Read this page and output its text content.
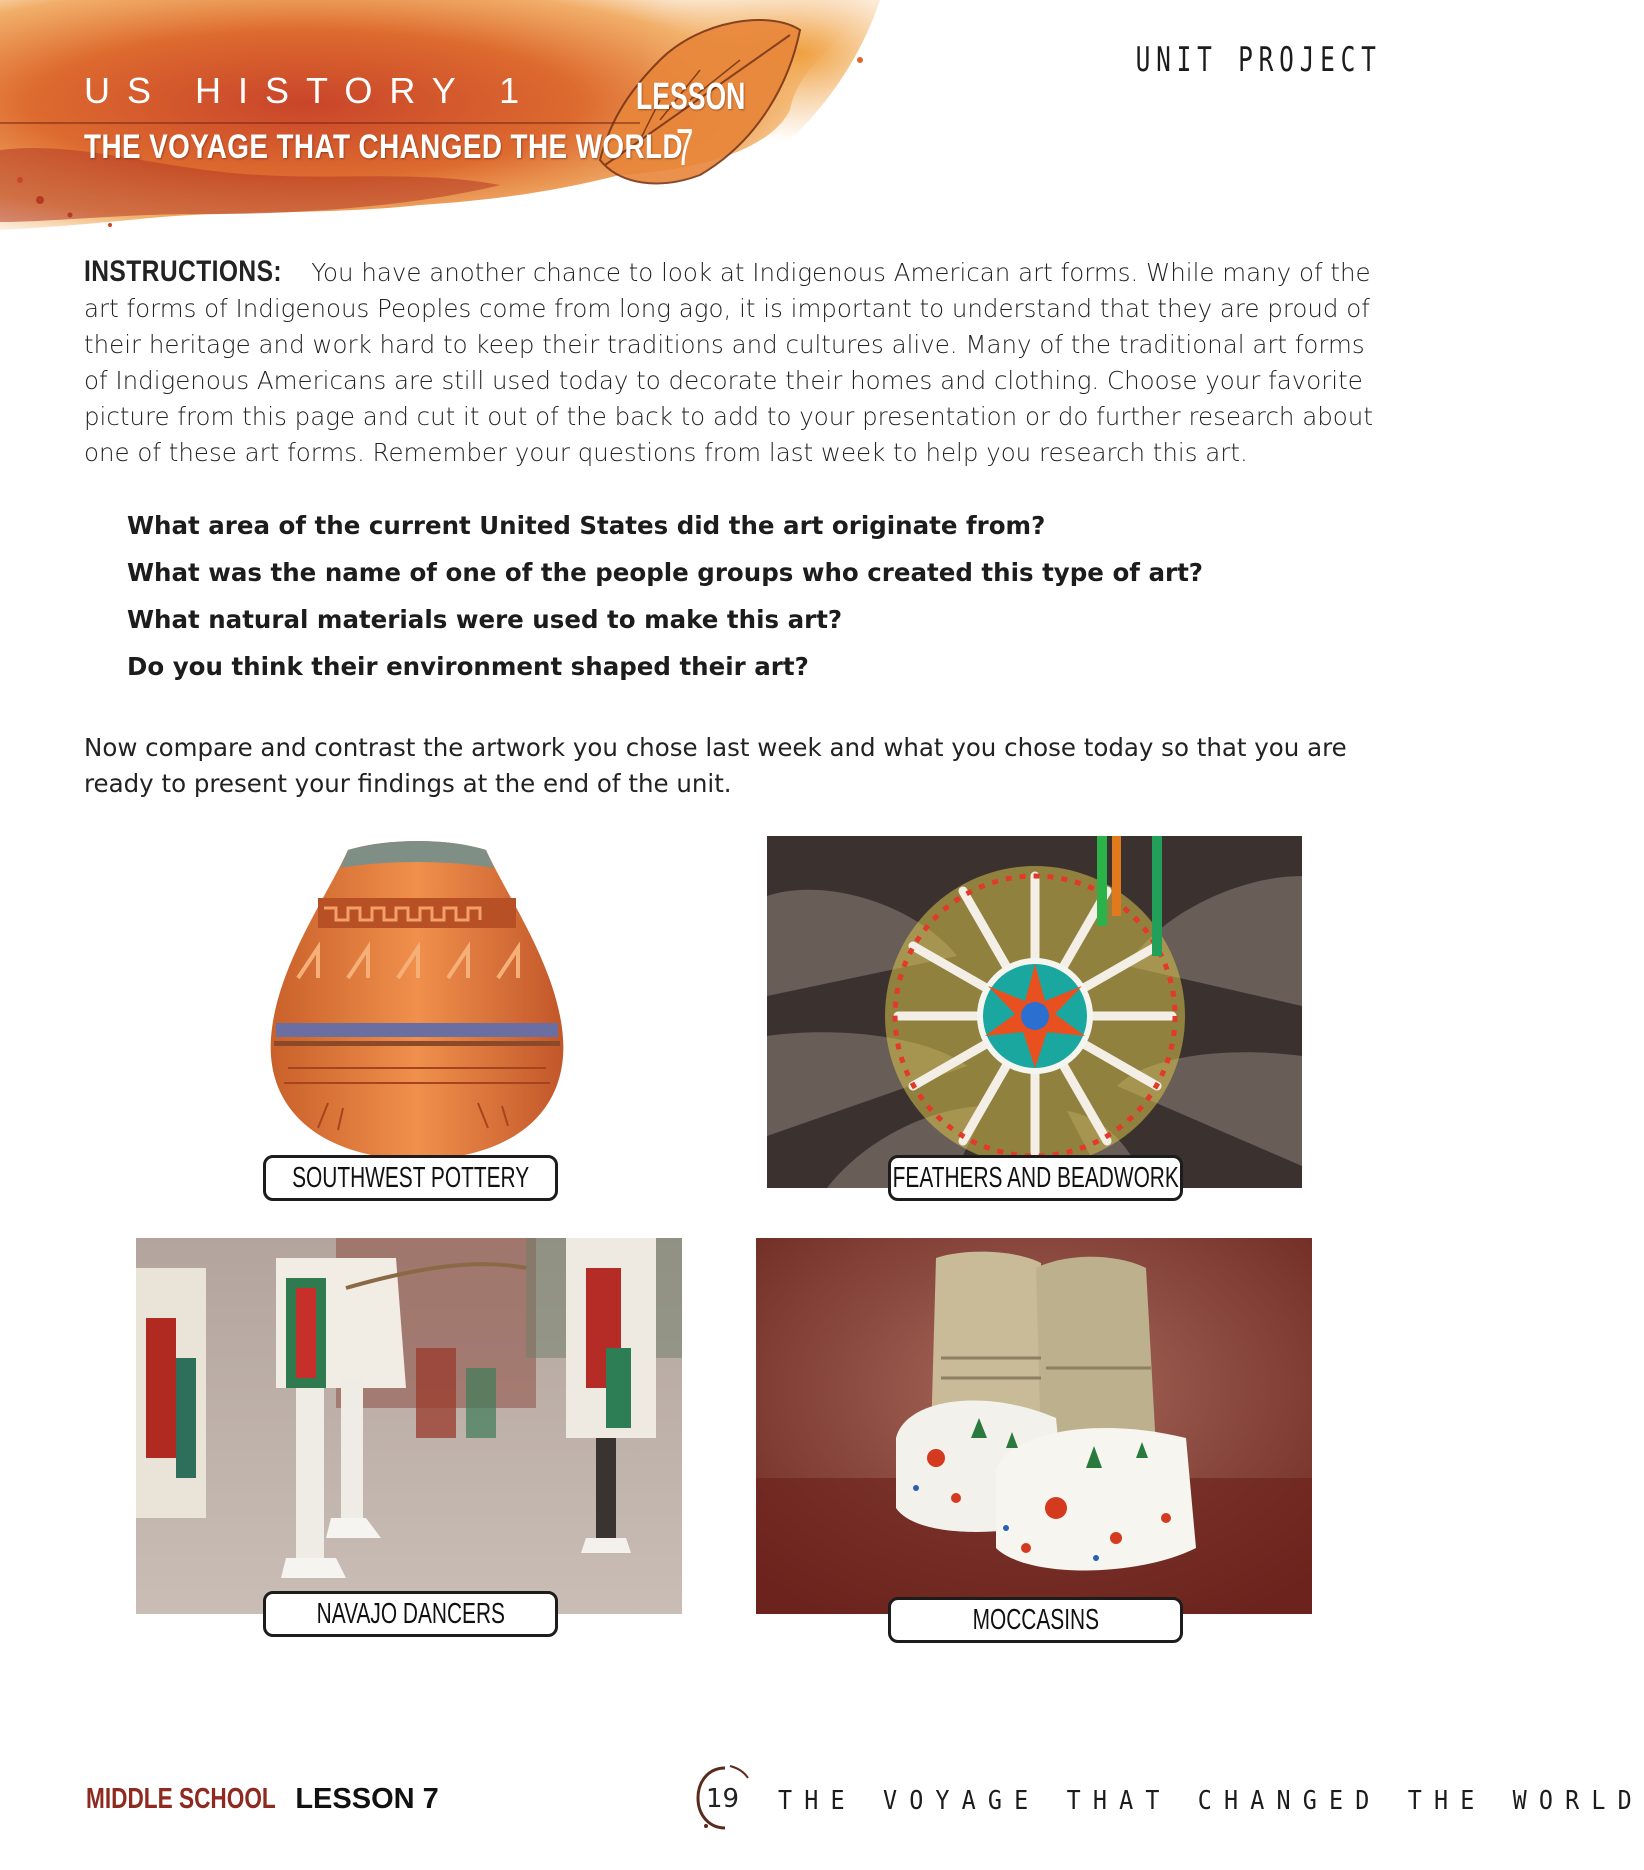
US HISTORY 1
THE VOYAGE THAT CHANGED THE WORLD
LESSON
7
UNIT PROJECT
INSTRUCTIONS: You have another chance to look at Indigenous American art forms. While many of the art forms of Indigenous Peoples come from long ago, it is important to understand that they are proud of their heritage and work hard to keep their traditions and cultures alive. Many of the traditional art forms of Indigenous Americans are still used today to decorate their homes and clothing. Choose your favorite picture from this page and cut it out of the back to add to your presentation or do further research about one of these art forms. Remember your questions from last week to help you research this art.
What area of the current United States did the art originate from?
What was the name of one of the people groups who created this type of art?
What natural materials were used to make this art?
Do you think their environment shaped their art?
Now compare and contrast the artwork you chose last week and what you chose today so that you are ready to present your findings at the end of the unit.
SOUTHWEST POTTERY	FEATHERS AND BEADWORK
NAVAJO DANCERS	MOCCASINS
MIDDLE SCHOOL LESSON 7	19 THE VOYAGE THAT CHANGED THE WORLD
